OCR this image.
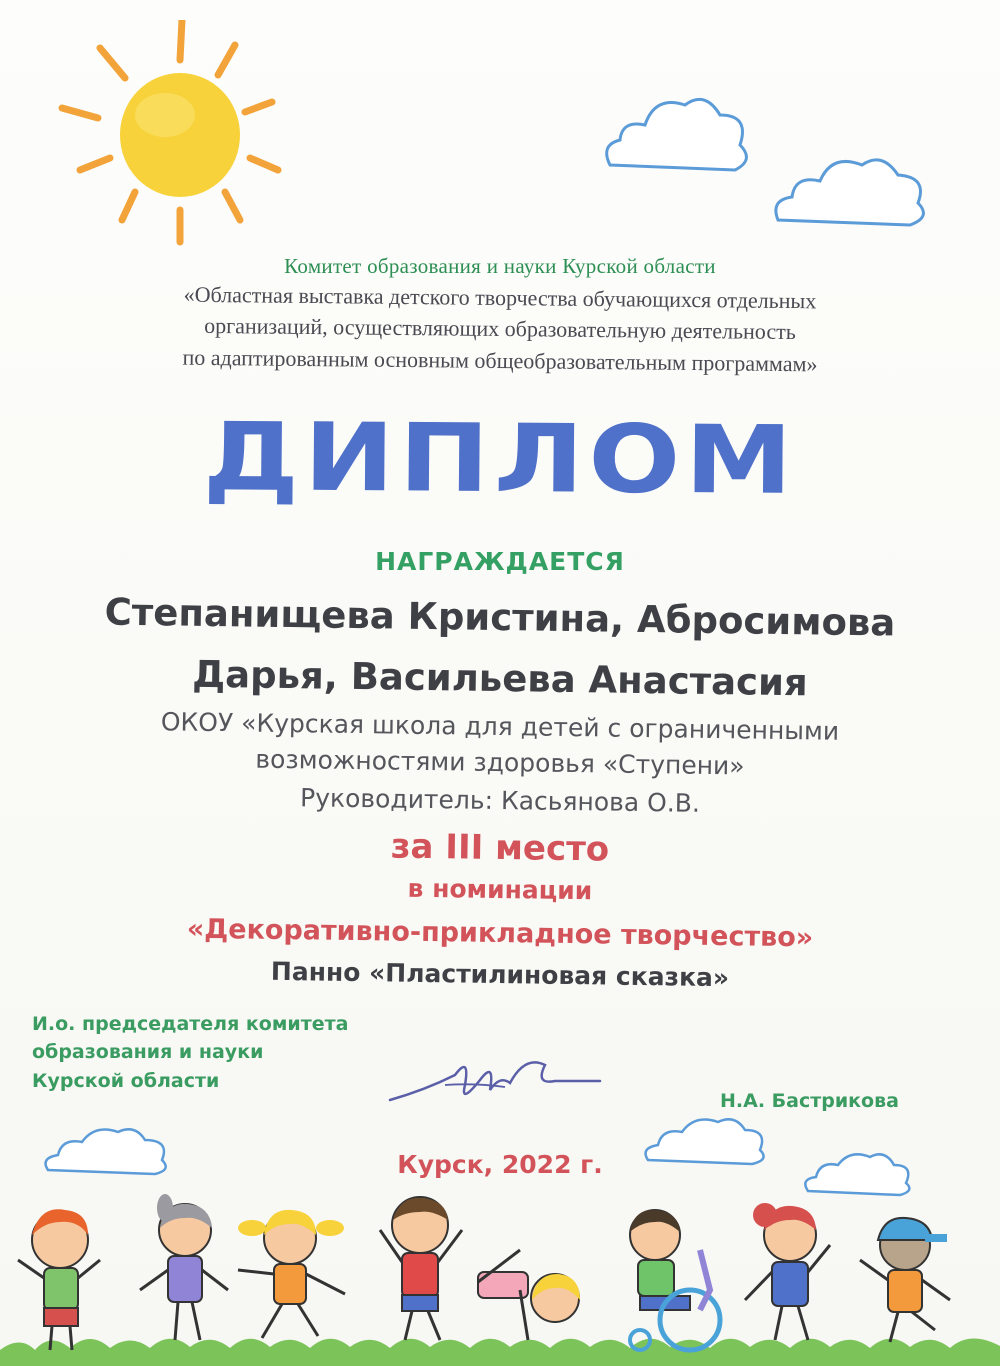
Комитет образования и науки Курской области
«Областная выставка детского творчества обучающихся отдельных
организаций, осуществляющих образовательную деятельность
по адаптированным основным общеобразовательным программам»
ДИПЛОМ
НАГРАЖДАЕТСЯ
Степанищева Кристина, Абросимова
Дарья, Васильева Анастасия
ОКОУ «Курская школа для детей с ограниченными
возможностями здоровья «Ступени»
Руководитель: Касьянова О.В.
за III место
в номинации
«Декоративно-прикладное творчество»
Панно «Пластилиновая сказка»
И.о. председателя комитета
образования и науки
Курской области
Н.А. Бастрикова
Курск, 2022 г.
